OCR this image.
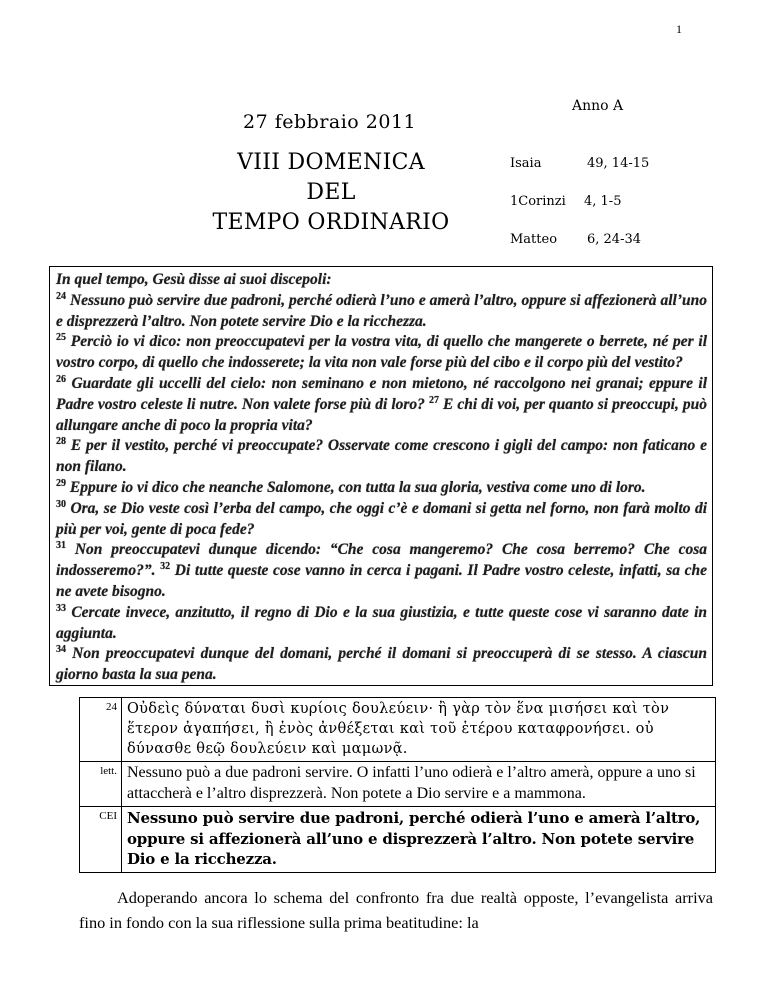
1
27 febbraio 2011
Anno A
VIII DOMENICA
DEL
TEMPO ORDINARIO
Isaia	49, 14-15
1Corinzi 4, 1-5
Matteo 6, 24-34

In quel tempo, Gesù disse ai suoi discepoli:
$^{24}$ Nessuno può servire due padroni, perché odierà l’uno e amerà l’altro, oppure si affezionerà all’uno e disprezzerà l’altro. Non potete servire Dio e la ricchezza.
$^{25}$ Perciò io vi dico: non preoccupatevi per la vostra vita, di quello che mangerete o berrete, né per il vostro corpo, di quello che indosserete; la vita non vale forse più del cibo e il corpo più del vestito?
$^{26}$ Guardate gli uccelli del cielo: non seminano e non mietono, né raccolgono nei granai; eppure il Padre vostro celeste li nutre. Non valete forse più di loro? $^{27}$ E chi di voi, per quanto si preoccupi, può allungare anche di poco la propria vita?
$^{28}$ E per il vestito, perché vi preoccupate? Osservate come crescono i gigli del campo: non faticano e non filano.
$^{29}$ Eppure io vi dico che neanche Salomone, con tutta la sua gloria, vestiva come uno di loro.
$^{30}$ Ora, se Dio veste così l’erba del campo, che oggi c’è e domani si getta nel forno, non farà molto di più per voi, gente di poca fede?
$^{31}$ Non preoccupatevi dunque dicendo: “Che cosa mangeremo? Che cosa berremo? Che cosa indosseremo?”. $^{32}$ Di tutte queste cose vanno in cerca i pagani. Il Padre vostro celeste, infatti, sa che ne avete bisogno.
$^{33}$ Cercate invece, anzitutto, il regno di Dio e la sua giustizia, e tutte queste cose vi saranno date in aggiunta.
$^{34}$ Non preoccupatevi dunque del domani, perché il domani si preoccuperà di se stesso. A ciascun giorno basta la sua pena.

24	Οὐδεὶς δύναται δυσὶ κυρίοις δουλεύειν· ἢ γὰρ τὸν ἕνα μισήσει καὶ τὸν ἕτερον ἀγαπήσει, ἢ ἑνὸς ἀνθέξεται καὶ τοῦ ἑτέρου καταφρονήσει. οὐ δύνασθε θεῷ δουλεύειν καὶ μαμωνᾷ.
lett.	Nessuno può a due padroni servire. O infatti l’uno odierà e l’altro amerà, oppure a uno si attaccherà e l’altro disprezzerà. Non potete a Dio servire e a mammona.
CEI	Nessuno può servire due padroni, perché odierà l’uno e amerà l’altro, oppure si affezionerà all’uno e disprezzerà l’altro. Non potete servire Dio e la ricchezza.

Adoperando ancora lo schema del confronto fra due realtà opposte, l’evangelista arriva fino in fondo con la sua riflessione sulla prima beatitudine: la
